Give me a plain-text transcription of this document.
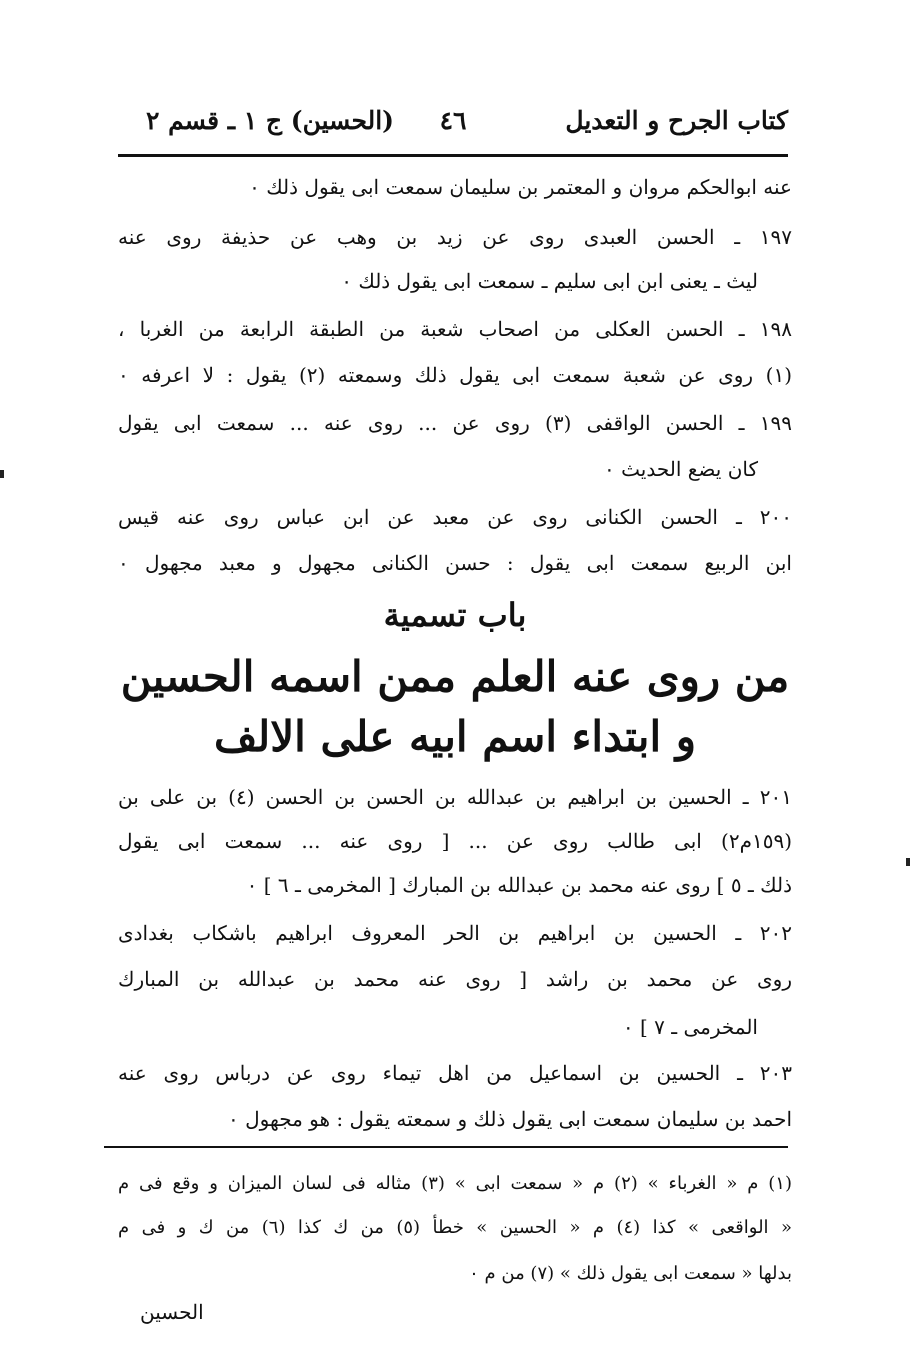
كتاب الجرح و التعديل
٤٦
(الحسين) ج ١ ـ قسم ٢
عنه ابوالحكم مروان و المعتمر بن سليمان سمعت ابى يقول ذلك ٠
١٩٧ ـ الحسن العبدى روى عن زيد بن وهب عن حذيفة روى عنه
ليث ـ يعنى ابن ابى سليم ـ سمعت ابى يقول ذلك ٠
١٩٨ ـ الحسن العكلى من اصحاب شعبة من الطبقة الرابعة من الغربا ،
(١) روى عن شعبة سمعت ابى يقول ذلك وسمعته (٢) يقول : لا اعرفه ٠
١٩٩ ـ الحسن الواقفى (٣) روى عن ... روى عنه ... سمعت ابى يقول
كان يضع الحديث ٠
٢٠٠ ـ الحسن الكنانى روى عن معبد عن ابن عباس روى عنه قيس
ابن الربيع سمعت ابى يقول : حسن الكنانى مجهول و معبد مجهول ٠
باب تسمية
من روى عنه العلم ممن اسمه الحسين
و ابتداء اسم ابيه على الالف
٢٠١ ـ الحسين بن ابراهيم بن عبدالله بن الحسن بن الحسن (٤) بن على بن
(١٥٩م٢) ابى طالب روى عن ... [ روى عنه ... سمعت ابى يقول
ذلك ـ ٥ ] روى عنه محمد بن عبدالله بن المبارك [ المخرمى ـ ٦ ] ٠
٢٠٢ ـ الحسين بن ابراهيم بن الحر المعروف ابراهيم باشكاب بغدادى
روى عن محمد بن راشد [ روى عنه محمد بن عبدالله بن المبارك
المخرمى ـ ٧ ] ٠
٢٠٣ ـ الحسين بن اسماعيل من اهل تيماء روى عن درباس روى عنه
احمد بن سليمان سمعت ابى يقول ذلك و سمعته يقول : هو مجهول ٠
(١) م « الغرباء » (٢) م « سمعت ابى » (٣) مثاله فى لسان الميزان و وقع فى م
« الواقعى » كذا (٤) م « الحسين » خطأ (٥) من ك كذا (٦) من ك و فى م
بدلها « سمعت ابى يقول ذلك » (٧) من م ٠
الحسين
